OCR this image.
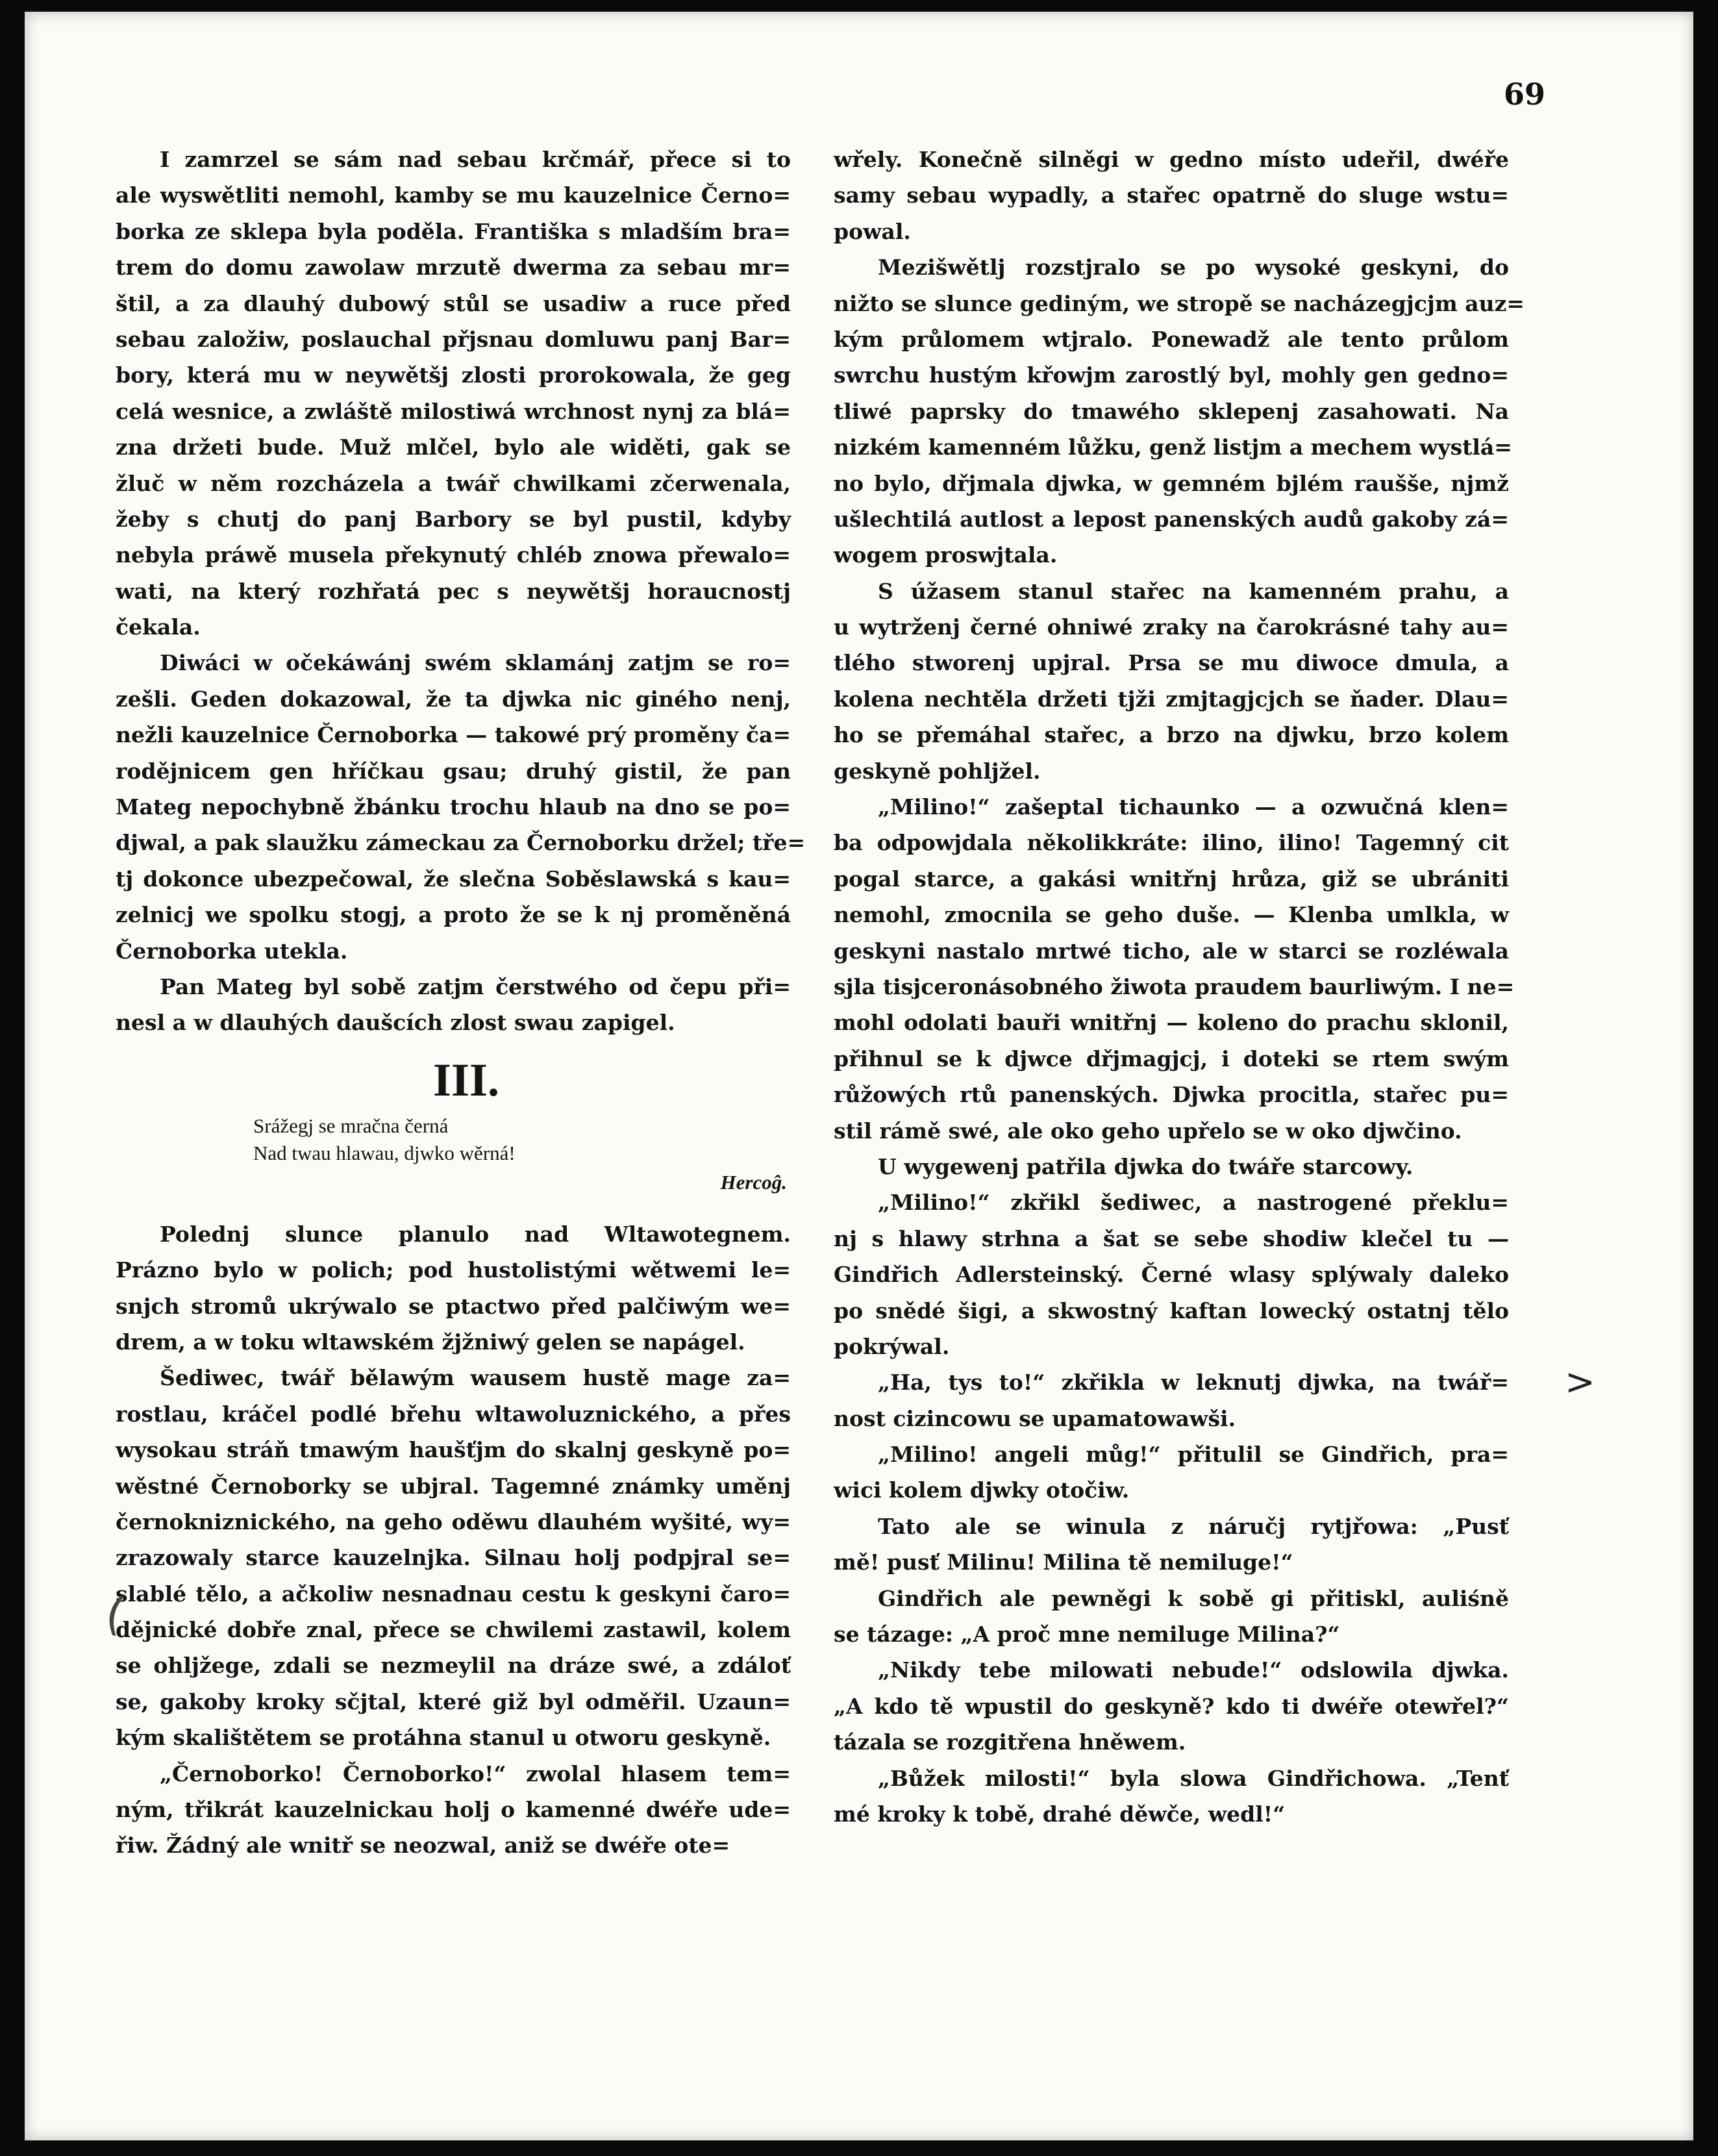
69
I zamrzel se sám nad sebau krčmář, přece si to
ale wyswětliti nemohl, kamby se mu kauzelnice Černo=
borka ze sklepa byla poděla. Františka s mladším bra=
trem do domu zawolaw mrzutě dwerma za sebau mr=
štil, a za dlauhý dubowý stůl se usadiw a ruce před
sebau založiw, poslauchal přjsnau domluwu panj Bar=
bory, která mu w neywětšj zlosti prorokowala, že geg
celá wesnice, a zwláště milostiwá wrchnost nynj za blá=
zna držeti bude. Muž mlčel, bylo ale widěti, gak se
žluč w něm rozcházela a twář chwilkami zčerwenala,
žeby s chutj do panj Barbory se byl pustil, kdyby
nebyla práwě musela překynutý chléb znowa přewalo=
wati, na který rozhřatá pec s neywětšj horaucnostj
čekala.
Diwáci w očekáwánj swém sklamánj zatjm se ro=
zešli. Geden dokazowal, že ta djwka nic giného nenj,
nežli kauzelnice Černoborka — takowé prý proměny ča=
rodějnicem gen hříčkau gsau; druhý gistil, že pan
Mateg nepochybně žbánku trochu hlaub na dno se po=
djwal, a pak slaužku zámeckau za Černoborku držel; tře=
tj dokonce ubezpečowal, že slečna Soběslawská s kau=
zelnicj we spolku stogj, a proto že se k nj proměněná
Černoborka utekla.
Pan Mateg byl sobě zatjm čerstwého od čepu při=
nesl a w dlauhých daušcích zlost swau zapigel.
III.
Srážegj se mračna černá
Nad twau hlawau, djwko wěrná!
Hercoĝ.
Polednj slunce planulo nad Wltawotegnem.
Prázno bylo w polich; pod hustolistými wětwemi le=
snjch stromů ukrýwalo se ptactwo před palčiwým we=
drem, a w toku wltawském žjžniwý gelen se napágel.
Šediwec, twář bělawým wausem hustě mage za=
rostlau, kráčel podlé břehu wltawoluznického, a přes
wysokau stráň tmawým haušťjm do skalnj geskyně po=
wěstné Černoborky se ubjral. Tagemné známky uměnj
černokniznického, na geho oděwu dlauhém wyšité, wy=
zrazowaly starce kauzelnjka. Silnau holj podpjral se=
slablé tělo, a ačkoliw nesnadnau cestu k geskyni čaro=
dějnické dobře znal, přece se chwilemi zastawil, kolem
se ohljžege, zdali se nezmeylil na dráze swé, a zdáloť
se, gakoby kroky sčjtal, které giž byl odměřil. Uzaun=
kým skalištětem se protáhna stanul u otworu geskyně.
„Černoborko! Černoborko!“ zwolal hlasem tem=
ným, třikrát kauzelnickau holj o kamenné dwéře ude=
řiw. Žádný ale wnitř se neozwal, aniž se dwéře ote=
wřely. Konečně silněgi w gedno místo udeřil, dwéře
samy sebau wypadly, a stařec opatrně do sluge wstu=
powal.
Mezišwětlj rozstjralo se po wysoké geskyni, do
nižto se slunce gediným, we stropě se nacházegjcjm auz=
kým průlomem wtjralo. Ponewadž ale tento průlom
swrchu hustým křowjm zarostlý byl, mohly gen gedno=
tliwé paprsky do tmawého sklepenj zasahowati. Na
nizkém kamenném lůžku, genž listjm a mechem wystlá=
no bylo, dřjmala djwka, w gemném bjlém raušše, njmž
ušlechtilá autlost a lepost panenských audů gakoby zá=
wogem proswjtala.
S úžasem stanul stařec na kamenném prahu, a
u wytrženj černé ohniwé zraky na čarokrásné tahy au=
tlého stworenj upjral. Prsa se mu diwoce dmula, a
kolena nechtěla držeti tjži zmjtagjcjch se ňader. Dlau=
ho se přemáhal stařec, a brzo na djwku, brzo kolem
geskyně pohljžel.
„Milino!“ zašeptal tichaunko — a ozwučná klen=
ba odpowjdala několikkráte: ilino, ilino! Tagemný cit
pogal starce, a gakási wnitřnj hrůza, giž se ubrániti
nemohl, zmocnila se geho duše. — Klenba umlkla, w
geskyni nastalo mrtwé ticho, ale w starci se rozléwala
sjla tisjceronásobného žiwota praudem baurliwým. I ne=
mohl odolati bauři wnitřnj — koleno do prachu sklonil,
přihnul se k djwce dřjmagjcj, i doteki se rtem swým
růžowých rtů panenských. Djwka procitla, stařec pu=
stil rámě swé, ale oko geho upřelo se w oko djwčino.
U wygewenj patřila djwka do twáře starcowy.
„Milino!“ zkřikl šediwec, a nastrogené překlu=
nj s hlawy strhna a šat se sebe shodiw klečel tu —
Gindřich Adlersteinský. Černé wlasy splýwaly daleko
po snědé šigi, a skwostný kaftan lowecký ostatnj tělo
pokrýwal.
„Ha, tys to!“ zkřikla w leknutj djwka, na twář=
nost cizincowu se upamatowawši.
„Milino! angeli můg!“ přitulil se Gindřich, pra=
wici kolem djwky otočiw.
Tato ale se winula z náručj rytjřowa: „Pusť
mě! pusť Milinu! Milina tě nemiluge!“
Gindřich ale pewněgi k sobě gi přitiskl, auliśně
se tázage: „A proč mne nemiluge Milina?“
„Nikdy tebe milowati nebude!“ odslowila djwka.
„A kdo tě wpustil do geskyně? kdo ti dwéře otewřel?“
tázala se rozgitřena hněwem.
„Bůžek milosti!“ byla slowa Gindřichowa. „Tenť
mé kroky k tobě, drahé děwče, wedl!“
>
(
